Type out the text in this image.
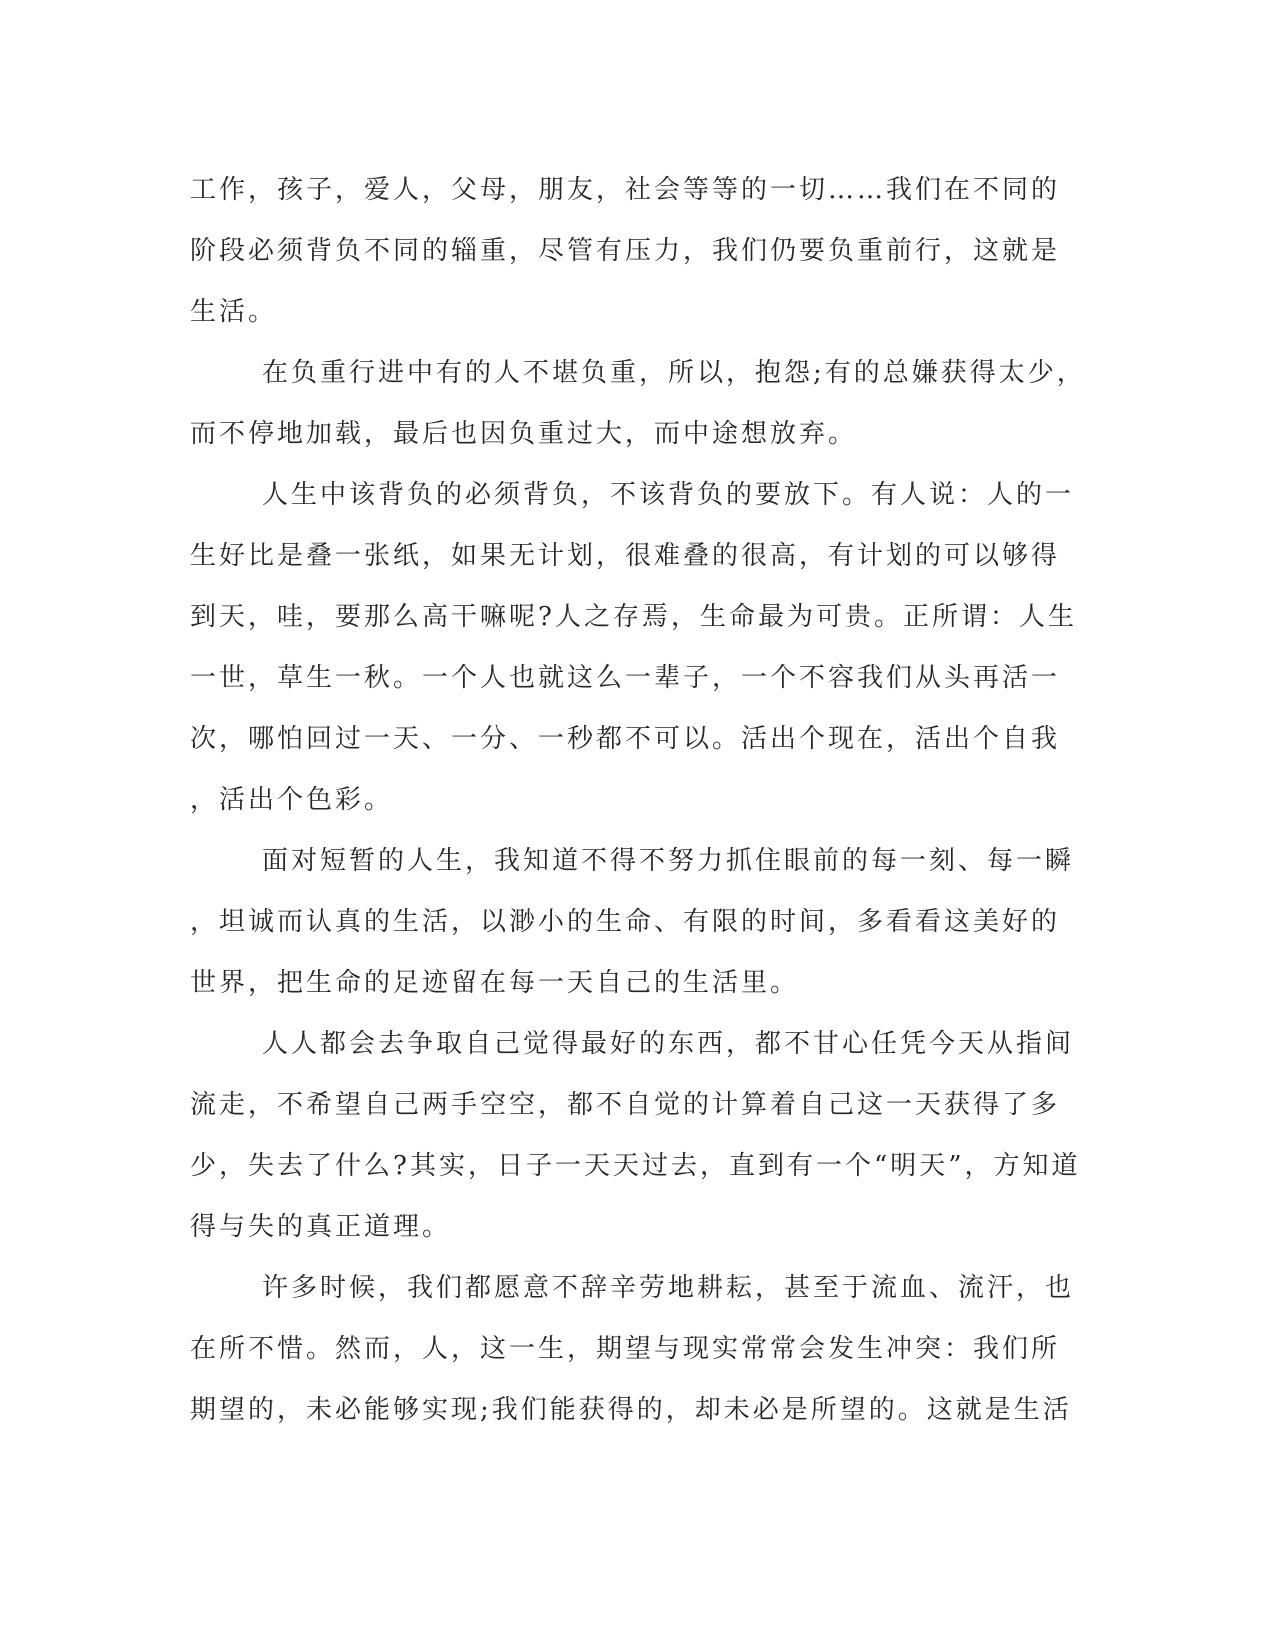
工作，孩子，爱人，父母，朋友，社会等等的一切……我们在不同的
阶段必须背负不同的辎重，尽管有压力，我们仍要负重前行，这就是
生活。
在负重行进中有的人不堪负重，所以，抱怨;有的总嫌获得太少，
而不停地加载，最后也因负重过大，而中途想放弃。
人生中该背负的必须背负，不该背负的要放下。有人说：人的一
生好比是叠一张纸，如果无计划，很难叠的很高，有计划的可以够得
到天，哇，要那么高干嘛呢?人之存焉，生命最为可贵。正所谓：人生
一世，草生一秋。一个人也就这么一辈子，一个不容我们从头再活一
次，哪怕回过一天、一分、一秒都不可以。活出个现在，活出个自我
，活出个色彩。
面对短暂的人生，我知道不得不努力抓住眼前的每一刻、每一瞬
，坦诚而认真的生活，以渺小的生命、有限的时间，多看看这美好的
世界，把生命的足迹留在每一天自己的生活里。
人人都会去争取自己觉得最好的东西，都不甘心任凭今天从指间
流走，不希望自己两手空空，都不自觉的计算着自己这一天获得了多
少，失去了什么?其实，日子一天天过去，直到有一个“明天”，方知道
得与失的真正道理。
许多时候，我们都愿意不辞辛劳地耕耘，甚至于流血、流汗，也
在所不惜。然而，人，这一生，期望与现实常常会发生冲突：我们所
期望的，未必能够实现;我们能获得的，却未必是所望的。这就是生活
